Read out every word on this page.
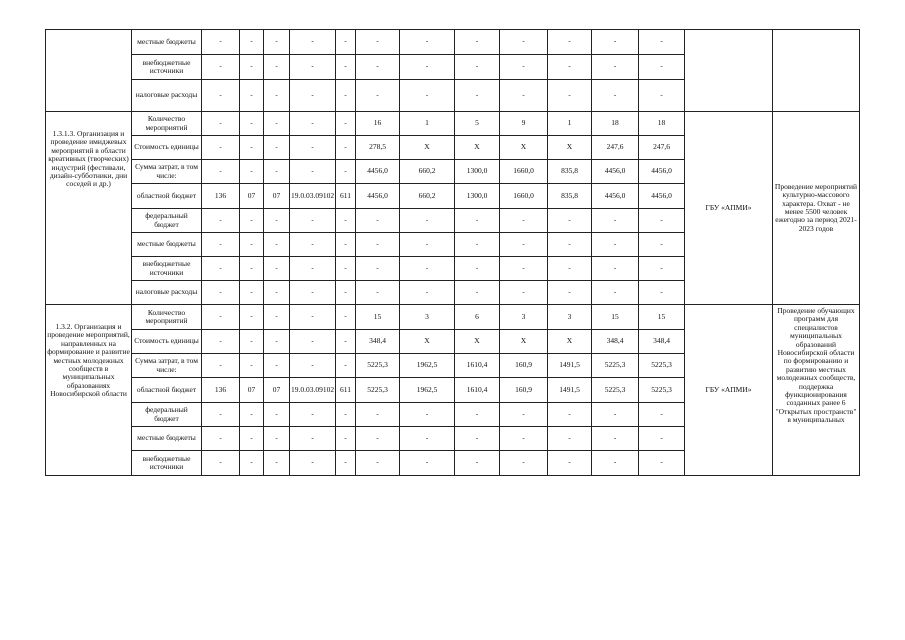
	местные бюджеты	-	-	-	-	-	-	-	-	-	-	-	-		
	внебюджетные источники	-	-	-	-	-	-	-	-	-	-	-	-		
	налоговые расходы	-	-	-	-	-	-	-	-	-	-	-	-		
1.3.1.3. Организация и проведение имиджевых мероприятий в области креативных (творческих) индустрий (фестивали, дизайн-субботники, дни соседей и др.)	Количество мероприятий	-	-	-	-	-	16	1	5	9	1	18	18	ГБУ «АПМИ»	Проведение мероприятий культурно-массового характера. Охват - не менее 5500 человек ежегодно за период 2021-2023 годов
	Стоимость единицы	-	-	-	-	-	278,5	X	X	X	X	247,6	247,6		
	Сумма затрат, в том числе:	-	-	-	-	-	4456,0	660,2	1300,0	1660,0	835,8	4456,0	4456,0		
	областной бюджет	136	07	07	19.0.03.09102	611	4456,0	660,2	1300,0	1660,0	835,8	4456,0	4456,0		
	федеральный бюджет	-	-	-	-	-	-	-	-	-	-	-	-		
	местные бюджеты	-	-	-	-	-	-	-	-	-	-	-	-		
	внебюджетные источники	-	-	-	-	-	-	-	-	-	-	-	-		
	налоговые расходы	-	-	-	-	-	-	-	-	-	-	-	-		
1.3.2. Организация и проведение мероприятий, направленных на формирование и развитие местных молодежных сообществ в муниципальных образованиях Новосибирской области	Количество мероприятий	-	-	-	-	-	15	3	6	3	3	15	15	ГБУ «АПМИ»	Проведение обучающих программ для специалистов муниципальных образований Новосибирской области по формированию и развитию местных молодежных сообществ, поддержка функционирования созданных ранее 6 "Открытых пространств" в муниципальных
	Стоимость единицы	-	-	-	-	-	348,4	X	X	X	X	348,4	348,4		
	Сумма затрат, в том числе:	-	-	-	-	-	5225,3	1962,5	1610,4	160,9	1491,5	5225,3	5225,3		
	областной бюджет	136	07	07	19.0.03.09102	611	5225,3	1962,5	1610,4	160,9	1491,5	5225,3	5225,3		
	федеральный бюджет	-	-	-	-	-	-	-	-	-	-	-	-		
	местные бюджеты	-	-	-	-	-	-	-	-	-	-	-	-		
	внебюджетные источники	-	-	-	-	-	-	-	-	-	-	-	-		
